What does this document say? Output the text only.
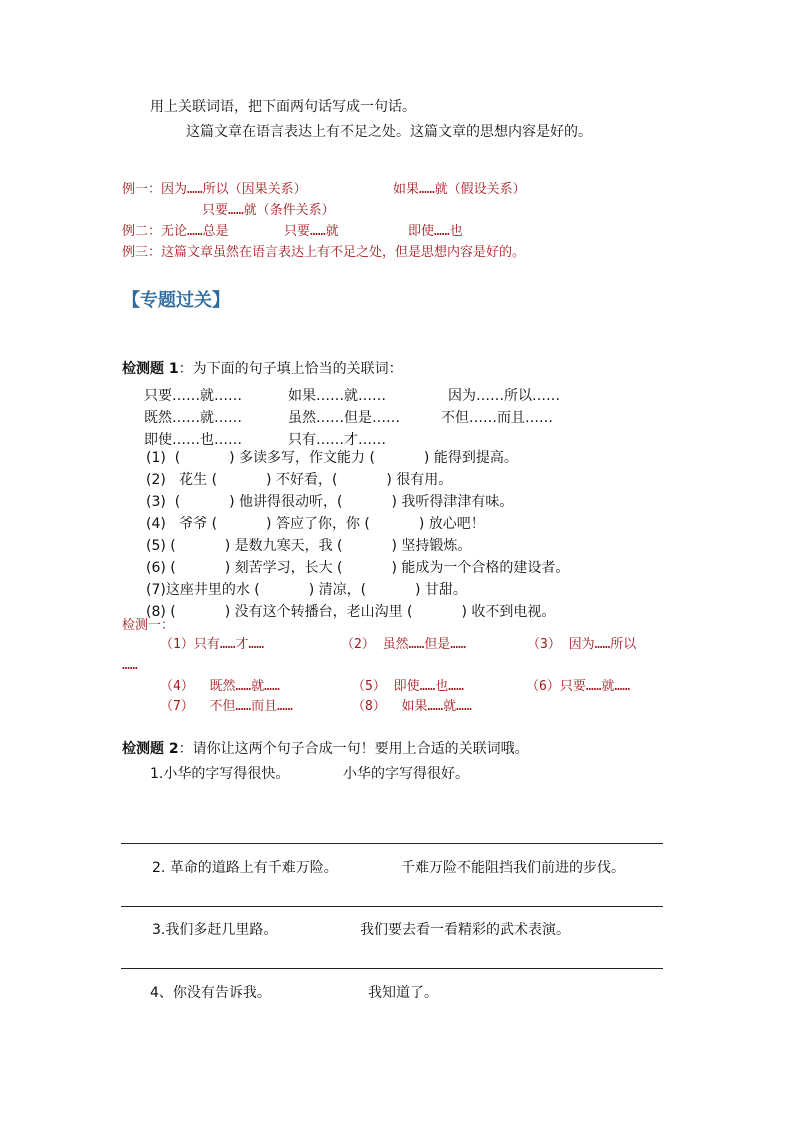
用上关联词语，把下面两句话写成一句话。
这篇文章在语言表达上有不足之处。这篇文章的思想内容是好的。
例一：因为……所以（因果关系）	如果……就（假设关系）
只要……就（条件关系）
例二：无论……总是	只要……就	即使……也
例三：这篇文章虽然在语言表达上有不足之处，但是思想内容是好的。
【专题过关】
检测题 1：为下面的句子填上恰当的关联词：
只要……就……	如果……就……	因为……所以……
既然……就……	虽然……但是……	不但……而且……
即使……也……	只有……才……
(1)  (           ) 多读多写，作文能力 (           ) 能得到提高。
(2)   花生 (           ) 不好看，(           ) 很有用。
(3)  (           ) 他讲得很动听，(           ) 我听得津津有味。
(4)   爷爷 (           ) 答应了你，你 (           ) 放心吧！
(5) (           ) 是数九寒天，我 (           ) 坚持锻炼。
(6) (           ) 刻苦学习，长大 (           ) 能成为一个合格的建设者。
(7)这座井里的水 (           ) 清凉，(           ) 甘甜。
(8) (           ) 没有这个转播台，老山沟里 (           ) 收不到电视。
检测一：
（1）只有……才……	（2） 虽然……但是……	（3） 因为……所以
……
（4）  既然……就……	（5） 即使……也……	（6）只要……就……
（7）  不但……而且……	（8）  如果……就……
检测题 2：请你让这两个句子合成一句！要用上合适的关联词哦。
1.小华的字写得很快。	小华的字写得很好。
2. 革命的道路上有千难万险。	千难万险不能阻挡我们前进的步伐。
3.我们多赶几里路。	我们要去看一看精彩的武术表演。
4、你没有告诉我。	我知道了。
